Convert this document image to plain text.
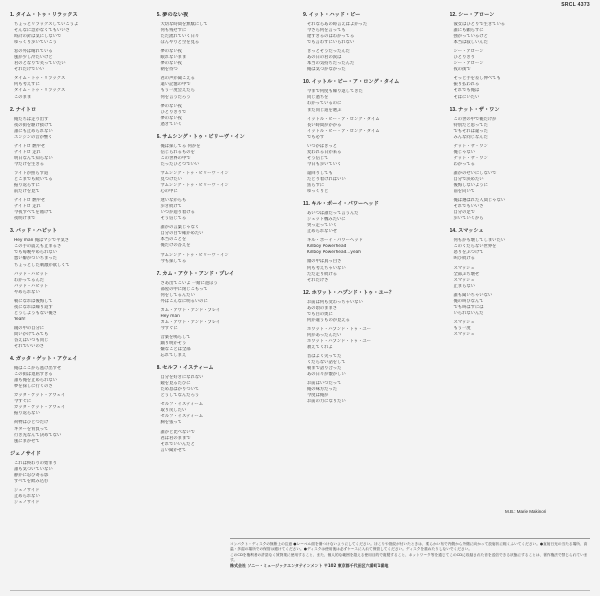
SRCL 4373
1. タイム・トゥ・リラックス
ちょっとリラックスしていこうよ
そんなに急がなくてもいいさ
時計の針は気にしないで
ゆっくり歩いていこう
窓の外は晴れている
風が少し冷たいけど
君のとなりで笑っていたい
それだけでいい
タイム・トゥ・リラックス
何も考えずに
タイム・トゥ・リラックス
このまま
2. ナイトロ
俺たちは走り出す
夜の街を駆け抜けて
誰にも止められない
エンジンの音が響く
ナイトロ 燃やせ
ナイトロ 走れ
明日なんて知らない
今だけを生きる
ライトが照らす道
どこまでも続いてる
振り返らずに
前だけを見て
ナイトロ 燃やせ
ナイトロ 走れ
今夜すべてを賭けて
夜明けまで
3. バッド・ハビット
Hey man 俺はマジで平気さ
この手の震えも止まるさ
でも毎晩やめられない
悪い癖がついちまった
ちょっとした刺激が欲しくて
バッド・ハビット
わかってるんだ
バッド・ハビット
やめられない
朝になれば後悔して
夜になれば繰り返す
どうしようもない俺さ
Yeah!
鏡の中の自分に
問いかけてみても
答えはいつも同じ
それでいいのさ
4. ガッタ・ゲット・アウェイ
俺はここから逃げ出すぜ
この街は退屈すぎる
誰も俺を止められない
夢を探しに行くのさ
ガッタ・ゲット・アウェイ
今すぐに
ガッタ・ゲット・アウェイ
振り返らない
荷物はひとつだけ
ギターを背負って
行き先なんて決めてない
風にまかせて
ジェノサイド
これは終わりの始まり
誰も気づいていない
静かに忍び寄る影
すべてを飲み込む
ジェノサイド
止められない
ジェノサイド
5. 夢のない夜
大切な時間を無駄にして
何も残せずに
ただ流れていく日々
ぼんやりと空を見る
夢のない夜
眠れないまま
夢のない夜
朝を待つ
君の声が聞こえる
遠い記憶の中で
もう一度会えたら
何を言うだろう
夢のない夜
ひとりきりで
夢のない夜
過ぎていく
6. サムシング・トゥ・ビリーヴ・イン
俺は探してる 何かを
信じられるものを
この世界の中で
たったひとつでいい
サムシング・トゥ・ビリーヴ・イン
見つけたい
サムシング・トゥ・ビリーヴ・イン
心の中に
迷いながらも
歩き続けて
いつか辿り着ける
そう信じてる
誰かの言葉じゃなく
自分の目で確かめたい
本当のことを
俺だけの答えを
サムシング・トゥ・ビリーヴ・イン
今も探してる
7. カム・アウト・アンド・プレイ
さあ出てこいよ 一緒に遊ぼう
部屋の中に閉じこもって
何をしてるんだい
外はこんなに明るいのに
カム・アウト・アンド・プレイ
Hey man
カム・アウト・アンド・プレイ
今すぐに
音楽を鳴らして
踊り明かそう
嫌なことは全部
忘れてしまえ
8. セルフ・イスティーム
自分を好きになれない
鏡を見るたびに
ため息ばかりついて
どうしてなんだろう
セルフ・イスティーム
取り戻したい
セルフ・イスティーム
胸を張って
誰かと比べないで
君は君のままで
それでいいんだと
言い聞かせて
9. イット・ハッド・ビー
それならあの時言えばよかった
今さら何を言っても
遅すぎるのはわかってる
でも言わずにいられない
きっとそうだったんだ
あの日の君の涙は
本当の気持ちだったんだ
俺は気づかなかった
10. イットル・ビー・ア・ロング・タイム
今まで何度も繰り返してきた
同じ過ちを
わかっているのに
また同じ道を選ぶ
イットル・ビー・ア・ロング・タイム
長い時間がかかる
イットル・ビー・ア・ロング・タイム
でも必ず
いつかはきっと
変われる日が来る
そう信じて
今日も歩いていく
遠回りしても
たどり着ければいい
焦らずに
ゆっくりと
11. キル・ボーイ・パワーヘッド
あいつは誰だって言うんだ
ジェット機みたいに
突っ走っていく
止められないぜ
キル・ボーイ・パワーヘッド
Killboy Powerhead
Killboy Powerhead...yeah
頭の中は真っ白さ
何も考えちゃいない
ただ走り続ける
それだけさ
12. ホワット・ハプンド・トゥ・ユー？
お前は何も変わっちゃいない
あの頃のままさ
でも目の奥に
何か違うものが見える
ホワット・ハプンド・トゥ・ユー
何があったんだい
ホワット・ハプンド・トゥ・ユー
教えてくれよ
昔はよく笑ってた
くだらない話をして
朝まで語り合った
あの日々が懐かしい
お前はいつだって
俺の味方だった
今度は俺が
お前の力になりたい
12. シー・アローン
彼女はひとりで生きている
誰にも頼らずに
強がっているけど
本当は寂しいんだ
シー・アローン
ひとりきり
シー・アローン
夜の街で
そっと手を差し伸べても
振り払われる
それでも俺は
そばにいたい
13. ナット・ザ・ワン
この世の中で俺だけが
特別だと思ってた
でもそれは違った
みんな同じなんだ
ナット・ザ・ワン
俺じゃない
ナット・ザ・ワン
わかってる
誰かのせいにしないで
自分で決めたい
後悔しないように
前を向いて
俺は選ばれた人間じゃない
それでもいいさ
自分の足で
歩いていくから
14. スマッシュ
何もかも壊してしまいたい
このくだらない世界を
怒りをぶつけて
叫び続ける
スマッシュ
全部ぶち壊せ
スマッシュ
止まらない
誰も聞いちゃいない
俺の叫びなんて
でも叫ばずには
いられないんだ
スマッシュ
もう一度
スマッシュ
M.B.: Marie Makinori
コンパクト・ディスクの無断上の注意 ●レーベル面を傷つけないようにしてください。ほこりや指紋が付いたときは、柔らかい布で内側から外側に向かって放射状に軽くふいてください。●直射日光の当たる場所、高温・多湿の場所での保管は避けてください。●ディスクは使用後は必ずケースに入れて保管してください。ディスクを重ねたりしないでください。
このCDを権利者の許諾なく賃貸業に使用すること、また、個人的な範囲を超える使用目的で複製すること、ネットワーク等を通じてこのCDに収録された音を送信できる状態にすることは、著作権法で禁じられています。
株式会社 ソニー・ミュージックエンタテインメント 〒102 東京都千代田区六番町1番地
